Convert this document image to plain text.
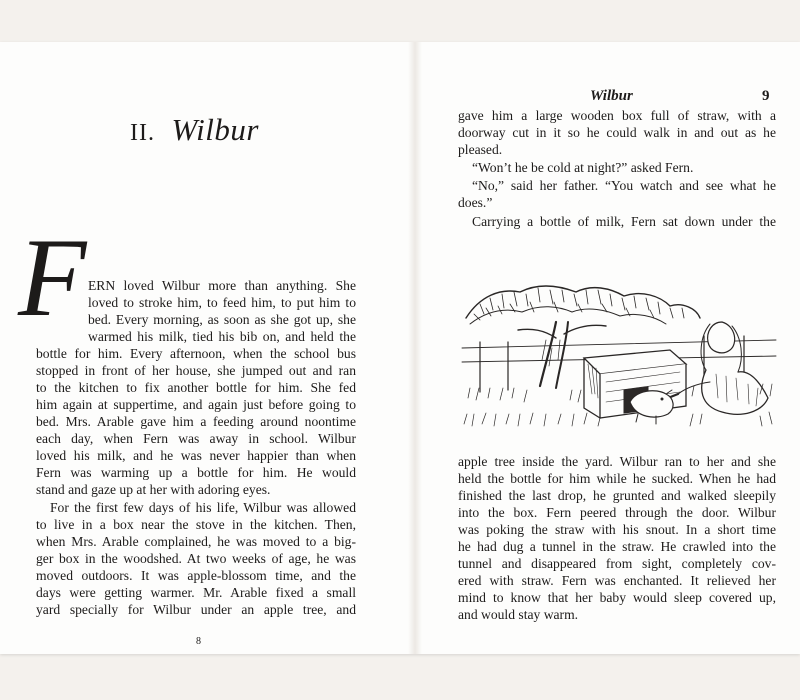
II. Wilbur
F ERN loved Wilbur more than anything. She
loved to stroke him, to feed him, to put him to
bed. Every morning, as soon as she got up, she
warmed his milk, tied his bib on, and held the
bottle for him. Every afternoon, when the school bus
stopped in front of her house, she jumped out and ran
to the kitchen to fix another bottle for him. She fed
him again at suppertime, and again just before going to
bed. Mrs. Arable gave him a feeding around noontime
each day, when Fern was away in school. Wilbur
loved his milk, and he was never happier than when
Fern was warming up a bottle for him. He would
stand and gaze up at her with adoring eyes.
For the first few days of his life, Wilbur was allowed
to live in a box near the stove in the kitchen. Then,
when Mrs. Arable complained, he was moved to a big-
ger box in the woodshed. At two weeks of age, he was
moved outdoors. It was apple-blossom time, and the
days were getting warmer. Mr. Arable fixed a small
yard specially for Wilbur under an apple tree, and
8
Wilbur	9
gave him a large wooden box full of straw, with a
doorway cut in it so he could walk in and out as he
pleased.
“Won’t he be cold at night?” asked Fern.
“No,” said her father. “You watch and see what he
does.”
Carrying a bottle of milk, Fern sat down under the
apple tree inside the yard. Wilbur ran to her and she
held the bottle for him while he sucked. When he had
finished the last drop, he grunted and walked sleepily
into the box. Fern peered through the door. Wilbur
was poking the straw with his snout. In a short time
he had dug a tunnel in the straw. He crawled into the
tunnel and disappeared from sight, completely cov-
ered with straw. Fern was enchanted. It relieved her
mind to know that her baby would sleep covered up,
and would stay warm.
